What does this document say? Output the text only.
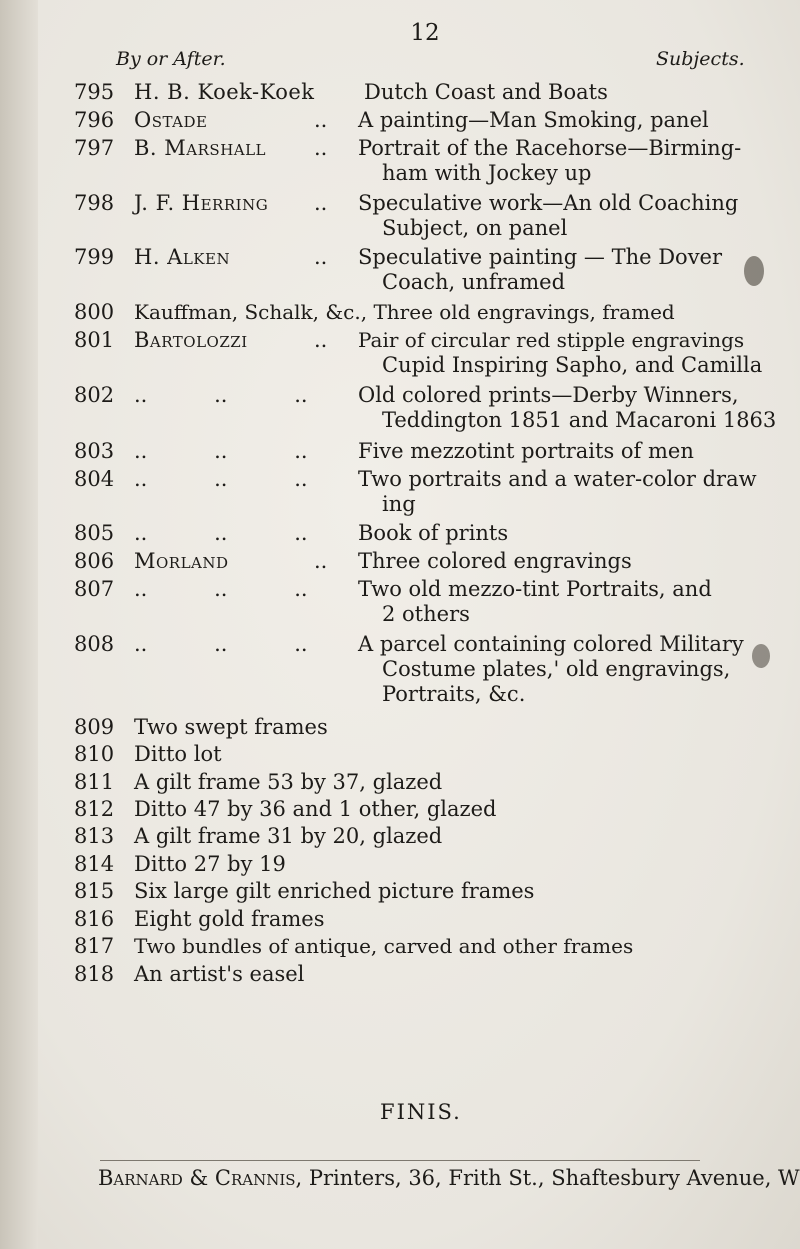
12
By or After.	Subjects.
795 H. B. Koek-Koek Dutch Coast and Boats
796 Ostade	.. A painting—Man Smoking, panel
797 B. Marshall .. Portrait of the Racehorse—Birming-
ham with Jockey up
798 J. F. Herring .. Speculative work—An old Coaching
Subject, on panel
799 H. Alken	.. Speculative painting — The Dover
Coach, unframed
800 Kauffman, Schalk, &c., Three old engravings, framed
801 Bartolozzi	.. Pair of circular red stipple engravings
Cupid Inspiring Sapho, and Camilla
802 ..          ..          .. Old colored prints—Derby Winners,
Teddington 1851 and Macaroni 1863
803 ..          ..          .. Five mezzotint portraits of men
804 ..          ..          .. Two portraits and a water-color draw
ing
805 ..          ..          .. Book of prints
806 Morland	.. Three colored engravings
807 ..          ..          .. Two old mezzo-tint Portraits, and
2 others
808 ..          ..          .. A parcel containing colored Military
Costume plates,' old engravings,
Portraits, &c.
809 Two swept frames
810 Ditto lot
811 A gilt frame 53 by 37, glazed
812 Ditto 47 by 36 and 1 other, glazed
813 A gilt frame 31 by 20, glazed
814 Ditto 27 by 19
815 Six large gilt enriched picture frames
816 Eight gold frames
817 Two bundles of antique, carved and other frames
818 An artist's easel
FINIS.
Barnard & Crannis, Printers, 36, Frith St., Shaftesbury Avenue, W
